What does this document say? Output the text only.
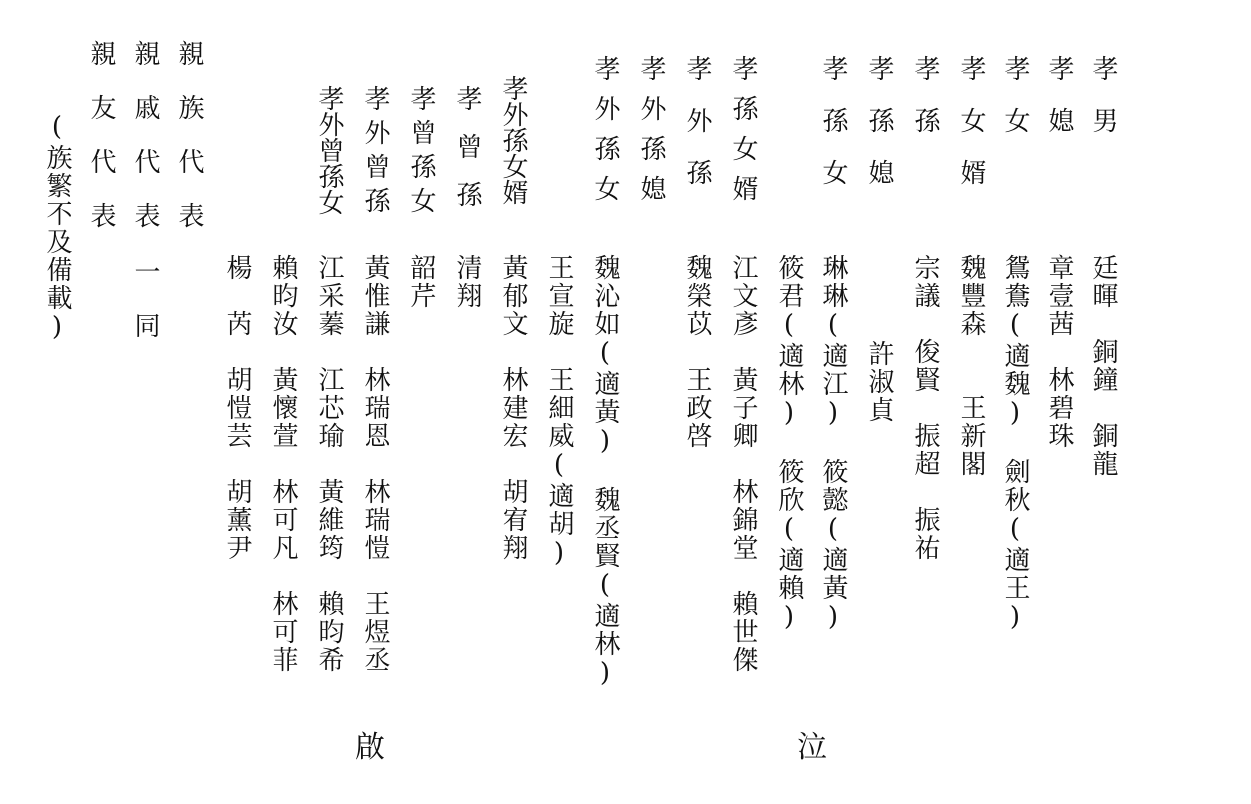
孝男
廷暉　銅鐘　銅龍
孝媳
章壹茜　林碧珠
孝女
鴛鴦(適魏)　劍秋(適王)
孝女婿
魏豐森　　王新閣
孝孫
宗議　俊賢　振超　振祐
孝孫媳
許淑貞
孝孫女
琳琳(適江)　筱懿(適黃)
筱君(適林)　筱欣(適賴)
孝孫女婿
江文彥　黃子卿　林錦堂　賴世傑
孝外孫
魏榮苡　王政啓
孝外孫媳
孝外孫女
魏沁如(適黃)　魏丞賢(適林)
王宣旋　王細威(適胡)
孝外孫女婿
黃郁文　林建宏　胡宥翔
孝曾孫
清翔
孝曾孫女
韶芹
孝外曾孫
黃惟謙　林瑞恩　林瑞愷　王煜丞
孝外曾孫女
江采蓁　江芯瑜　黃維筠　賴昀希
賴昀汝　黃懷萱　林可凡　林可菲
楊　芮　胡愷芸　胡薰尹
親族代表
親戚代表
一同
親友代表
(族繁不及備載)
啟	泣
